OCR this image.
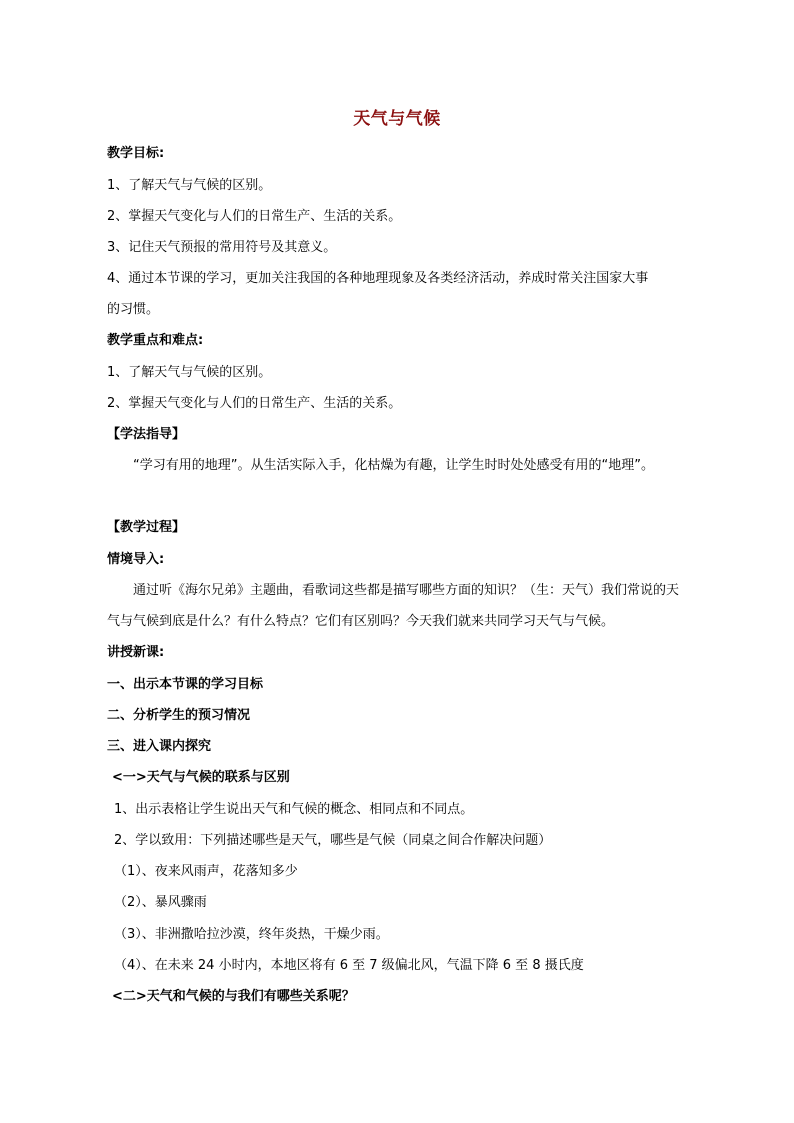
天气与气候
教学目标:
1、了解天气与气候的区别。
2、掌握天气变化与人们的日常生产、生活的关系。
3、记住天气预报的常用符号及其意义。
4、通过本节课的学习，更加关注我国的各种地理现象及各类经济活动，养成时常关注国家大事
的习惯。
教学重点和难点:
1、了解天气与气候的区别。
2、掌握天气变化与人们的日常生产、生活的关系。
【学法指导】
“学习有用的地理”。从生活实际入手，化枯燥为有趣，让学生时时处处感受有用的“地理”。
【教学过程】
情境导入:
通过听《海尔兄弟》主题曲，看歌词这些都是描写哪些方面的知识？（生：天气）我们常说的天气与气候到底是什么？有什么特点？它们有区别吗？今天我们就来共同学习天气与气候。
讲授新课:
一、出示本节课的学习目标
二、分析学生的预习情况
三、进入课内探究
<一>天气与气候的联系与区别
1、出示表格让学生说出天气和气候的概念、相同点和不同点。
2、学以致用：下列描述哪些是天气，哪些是气候（同桌之间合作解决问题）
（1）、夜来风雨声，花落知多少
（2）、暴风骤雨
（3）、非洲撒哈拉沙漠，终年炎热，干燥少雨。
（4）、在未来 24 小时内，本地区将有 6 至 7 级偏北风，气温下降 6 至 8 摄氏度
<二>天气和气候的与我们有哪些关系呢？
